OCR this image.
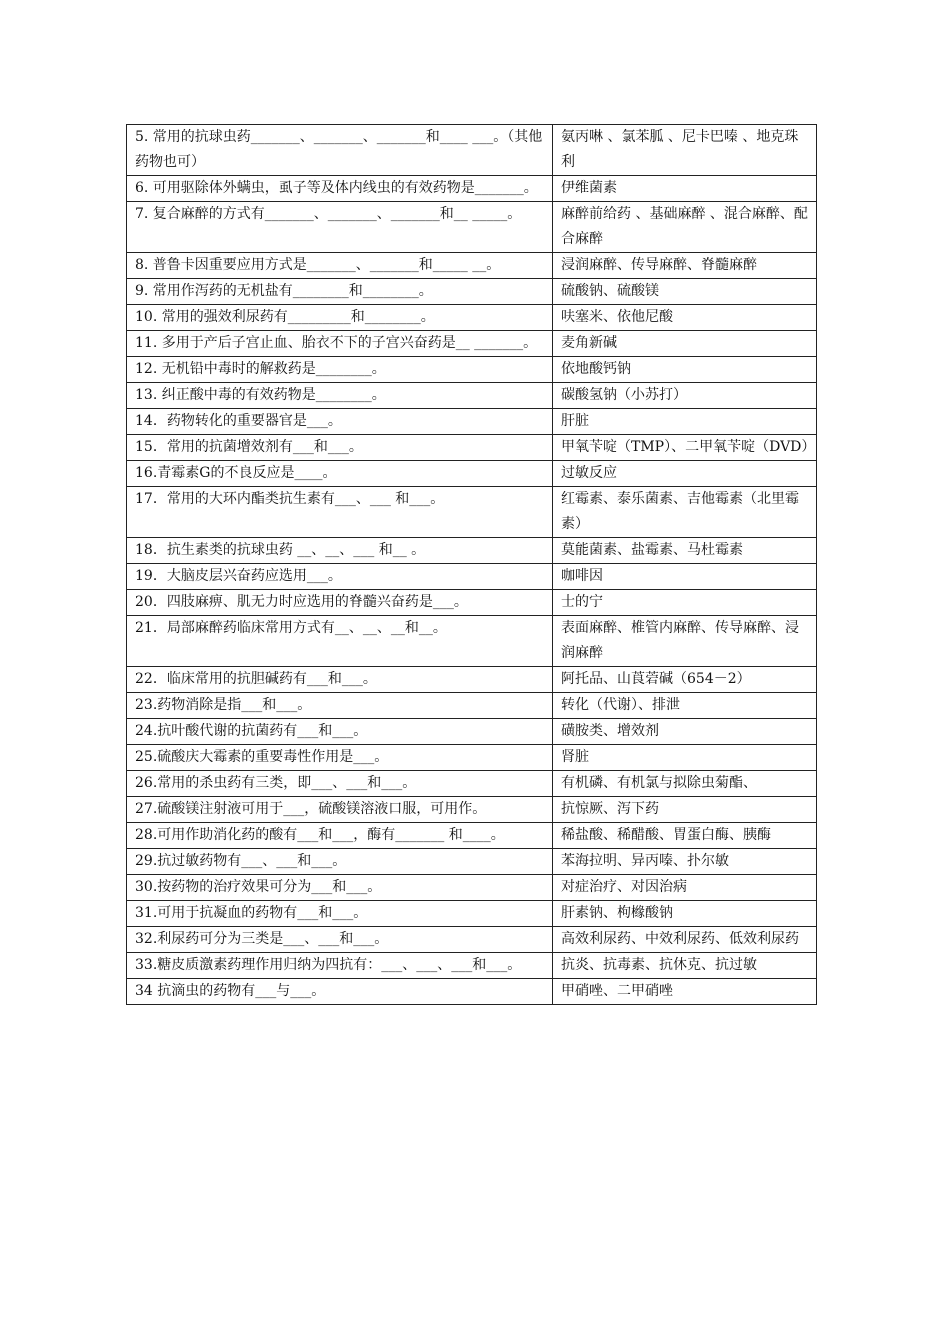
5. 常用的抗球虫药_______、_______、_______和____ ___。（其他药物也可）	氨丙啉 、氯苯胍 、尼卡巴嗪 、地克珠利
6. 可用驱除体外螨虫，虱子等及体内线虫的有效药物是_______。	伊维菌素
7. 复合麻醉的方式有_______、_______、_______和__ _____。	麻醉前给药 、基础麻醉 、混合麻醉、配合麻醉
8. 普鲁卡因重要应用方式是_______、_______和_____ __。	浸润麻醉、传导麻醉、脊髓麻醉
9. 常用作泻药的无机盐有________和________。	硫酸钠、硫酸镁
10. 常用的强效利尿药有_________和________。	呋塞米、依他尼酸
11. 多用于产后子宫止血、胎衣不下的子宫兴奋药是__ _______。	麦角新碱
12. 无机铅中毒时的解救药是________。	依地酸钙钠
13. 纠正酸中毒的有效药物是________。	碳酸氢钠（小苏打）
14．药物转化的重要器官是___。	肝脏
15．常用的抗菌增效剂有___和___。	甲氧苄啶（TMP）、二甲氧苄啶（DVD）
16.青霉素G的不良反应是____。	过敏反应
17．常用的大环内酯类抗生素有___、___ 和___。	红霉素、泰乐菌素、吉他霉素（北里霉素）
18．抗生素类的抗球虫药 __、__、___ 和__ 。	莫能菌素、盐霉素、马杜霉素
19．大脑皮层兴奋药应选用___。	咖啡因
20．四肢麻痹、肌无力时应选用的脊髓兴奋药是___。	士的宁
21．局部麻醉药临床常用方式有__、__、__和__。	表面麻醉、椎管内麻醉、传导麻醉、浸润麻醉
22．临床常用的抗胆碱药有___和___。	阿托品、山莨菪碱（654－2）
23.药物消除是指___和___。	转化（代谢）、排泄
24.抗叶酸代谢的抗菌药有___和___。	磺胺类、增效剂
25.硫酸庆大霉素的重要毒性作用是___。	肾脏
26.常用的杀虫药有三类，即___、___和___。	有机磷、有机氯与拟除虫菊酯、
27.硫酸镁注射液可用于___，硫酸镁溶液口服，可用作。	抗惊厥、泻下药
28.可用作助消化药的酸有___和___，酶有_______ 和____。	稀盐酸、稀醋酸、胃蛋白酶、胰酶
29.抗过敏药物有___、___和___。	苯海拉明、异丙嗪、扑尔敏
30.按药物的治疗效果可分为___和___。	对症治疗、对因治病
31.可用于抗凝血的药物有___和___。	肝素钠、枸橼酸钠
32.利尿药可分为三类是___、___和___。	高效利尿药、中效利尿药、低效利尿药
33.糖皮质激素药理作用归纳为四抗有：___、___、___和___。	抗炎、抗毒素、抗休克、抗过敏
34 抗滴虫的药物有___与___。	甲硝唑、二甲硝唑
